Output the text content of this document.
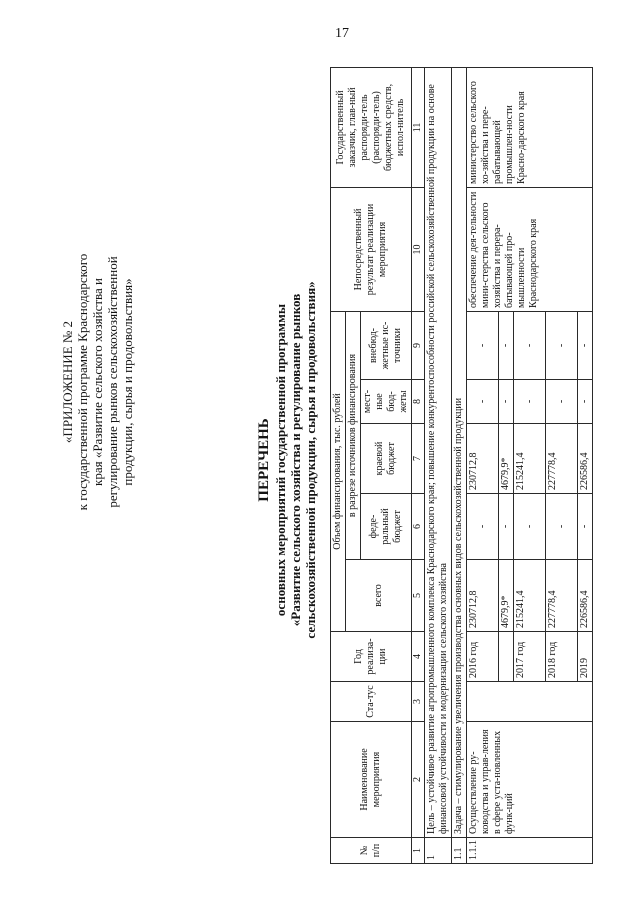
17
«ПРИЛОЖЕНИЕ № 2 к государственной программе Краснодарского края «Развитие сельского хозяйства и регулирование рынков сельскохозяйственной продукции, сырья и продовольствия»	ПЕРЕЧЕНЬ основных мероприятий государственной программы «Развитие сельского хозяйства и регулирование рынков сельскохозяйственной продукции, сырья и продовольствия»
№ п/п	Наименование мероприятия	Ста-тус	Год реализа-ции	Объем финансирования, тыс. рублей					Непосредственный результат реализации мероприятия	Государственный заказчик, глав-ный распоряди-тель (распоряди-тель) бюджетных средств, испол-нитель
				всего	в разрезе источников финансирования					
					феде-ральный бюджет	краевой бюджет	мест-ные бюд-жеты	внебюд-жетные ис-точники		
1	2	3	4	5	6	7	8	9	10	11
1	Цель – устойчивое развитие агропромышленного комплекса Краснодарского края; повышение конкурентоспособности российской сельскохозяйственной продукции на основе финансовой устойчивости и модернизации сельского хозяйства									
1.1	Задача – стимулирование увеличения производства основных видов сельскохозяйственной продукции									
1.1.1	Осуществление ру-ководства и управ-ления в сфере уста-новленных функ-ций		2016 год	230712,8	-	230712,8	-	-	обеспечение дея-тельности мини-стерства сельского хозяйства и перера-батывающей про-мышленности Краснодарского края	министерство сельского хо-зяйства и пере-рабатывающей промышлен-ности Красно-дарского края
				4679,9*	-	4679,9*	-	-		
			2017 год	215241,4	-	215241,4	-	-		
			2018 год	227778,4	-	227778,4	-	-		
			2019	226586,4	-	226586,4	-	-		
